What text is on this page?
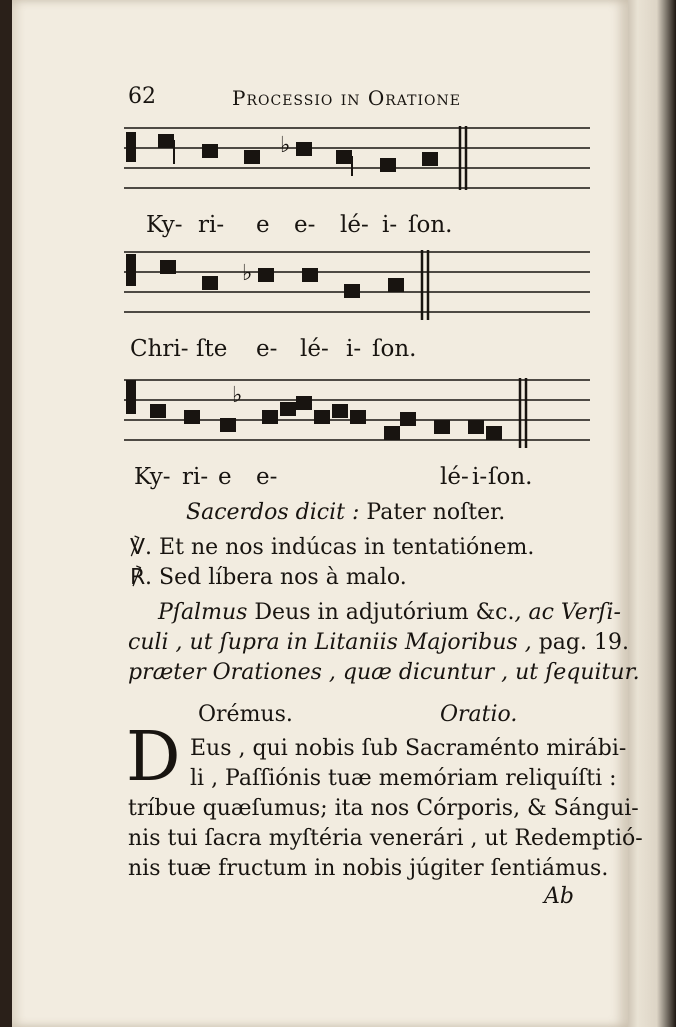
62	Processio in Oratione
♭
Ky- ri- e e- lé- i- ſon.
♭
Chri- ſte e- lé- i- ſon.
♭
Ky- ri- e e-	lé- i- ſon.
Sacerdos dicit : Pater noſter.
℣. Et ne nos indúcas in tentatiónem.
℟. Sed líbera nos à malo.
Pſalmus Deus in adjutórium &c., ac Verſi-
culi , ut ſupra in Litaniis Majoribus , pag. 19.
præter Orationes , quæ dicuntur , ut ſequitur.
Orémus.	Oratio.
D Eus , qui nobis ſub Sacraménto mirábi-
li , Paſſiónis tuæ memóriam reliquíſti :
tríbue quæſumus; ita nos Córporis, & Sángui-
nis tui ſacra myſtéria venerári , ut Redemptió-
nis tuæ fructum in nobis júgiter ſentiámus.
Ab
